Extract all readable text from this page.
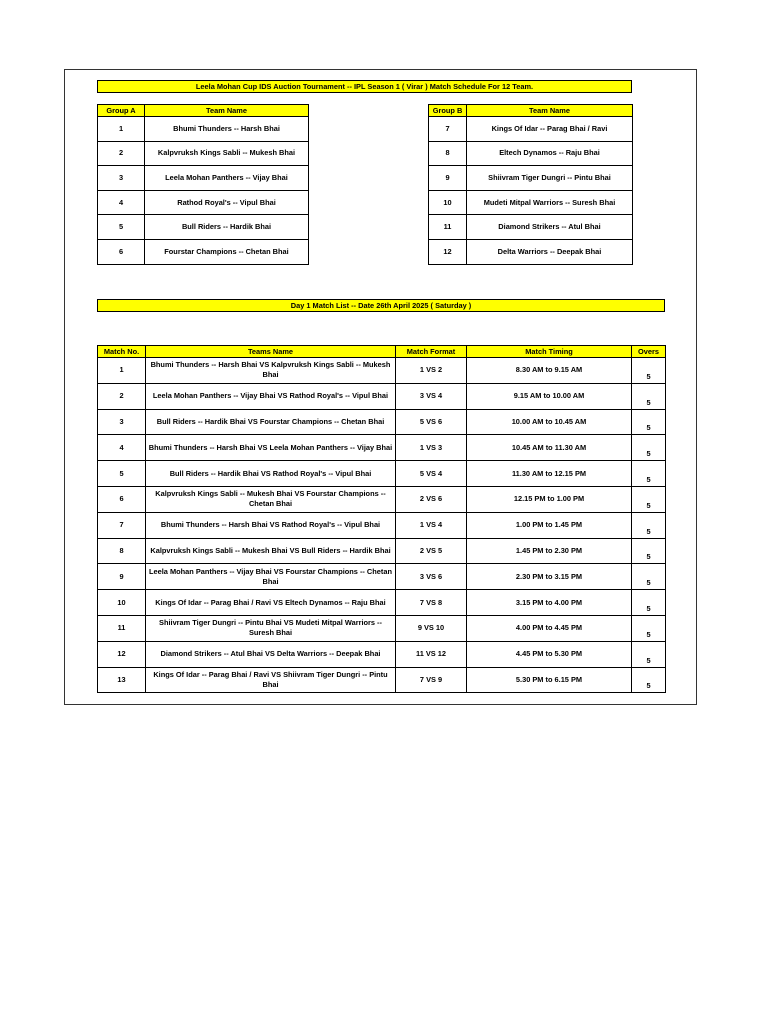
Leela Mohan Cup IDS Auction Tournament -- IPL Season 1 ( Virar ) Match Schedule For 12 Team.
Group A	Team Name
1	Bhumi Thunders -- Harsh Bhai
2	Kalpvruksh Kings Sabli -- Mukesh Bhai
3	Leela Mohan Panthers -- Vijay Bhai
4	Rathod Royal's -- Vipul Bhai
5	Bull Riders -- Hardik Bhai
6	Fourstar Champions -- Chetan Bhai
Group B	Team Name
7	Kings Of Idar -- Parag Bhai / Ravi
8	Eltech Dynamos -- Raju Bhai
9	Shiivram Tiger Dungri -- Pintu Bhai
10	Mudeti Mitpal Warriors -- Suresh Bhai
11	Diamond Strikers -- Atul Bhai
12	Delta Warriors -- Deepak Bhai
Day 1 Match List -- Date 26th April 2025 ( Saturday )
Match No.	Teams Name	Match Format	Match Timing	Overs
1	Bhumi Thunders -- Harsh Bhai VS Kalpvruksh Kings Sabli -- Mukesh Bhai	1 VS 2	8.30 AM to 9.15 AM	5
2	Leela Mohan Panthers -- Vijay Bhai VS Rathod Royal's -- Vipul Bhai	3 VS 4	9.15 AM to 10.00 AM	5
3	Bull Riders -- Hardik Bhai VS Fourstar Champions -- Chetan Bhai	5 VS 6	10.00 AM to 10.45 AM	5
4	Bhumi Thunders -- Harsh Bhai VS Leela Mohan Panthers -- Vijay Bhai	1 VS 3	10.45 AM to 11.30 AM	5
5	Bull Riders -- Hardik Bhai VS Rathod Royal's -- Vipul Bhai	5 VS 4	11.30 AM to 12.15 PM	5
6	Kalpvruksh Kings Sabli -- Mukesh Bhai VS Fourstar Champions -- Chetan Bhai	2 VS 6	12.15 PM to 1.00 PM	5
7	Bhumi Thunders -- Harsh Bhai VS Rathod Royal's -- Vipul Bhai	1 VS 4	1.00 PM to 1.45 PM	5
8	Kalpvruksh Kings Sabli -- Mukesh Bhai VS Bull Riders -- Hardik Bhai	2 VS 5	1.45 PM to 2.30 PM	5
9	Leela Mohan Panthers -- Vijay Bhai VS Fourstar Champions -- Chetan Bhai	3 VS 6	2.30 PM to 3.15 PM	5
10	Kings Of Idar -- Parag Bhai / Ravi VS Eltech Dynamos -- Raju Bhai	7 VS 8	3.15 PM to 4.00 PM	5
11	Shiivram Tiger Dungri -- Pintu Bhai VS Mudeti Mitpal Warriors -- Suresh Bhai	9 VS 10	4.00 PM to 4.45 PM	5
12	Diamond Strikers -- Atul Bhai VS Delta Warriors -- Deepak Bhai	11 VS 12	4.45 PM to 5.30 PM	5
13	Kings Of Idar -- Parag Bhai / Ravi VS Shiivram Tiger Dungri -- Pintu Bhai	7 VS 9	5.30 PM to 6.15 PM	5
